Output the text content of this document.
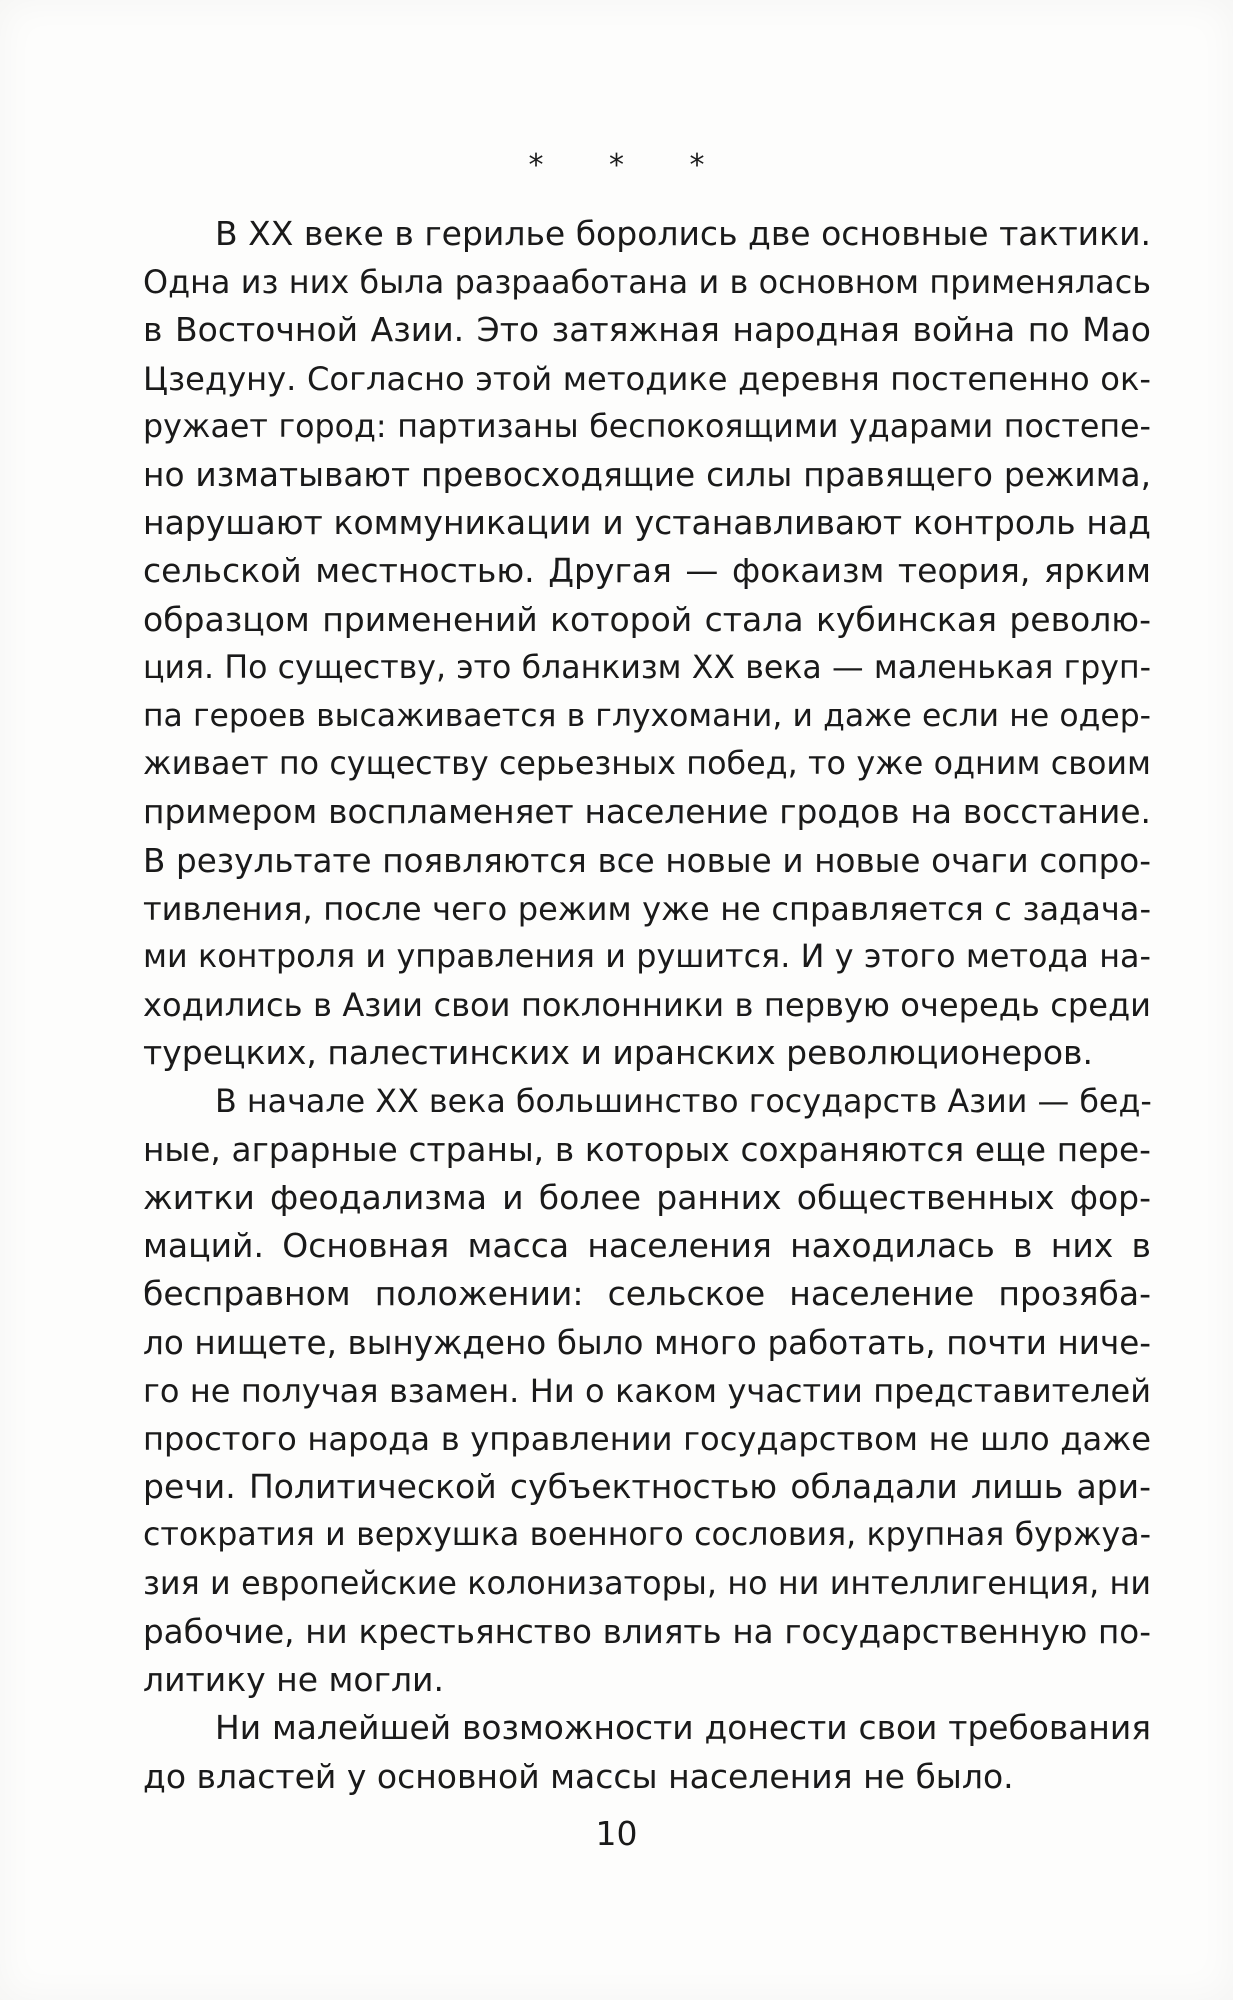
* * *
В XX веке в герилье боролись две основные тактики.
Одна из них была разрааботана и в основном применялась
в Восточной Азии. Это затяжная народная война по Мао
Цзедуну. Согласно этой методике деревня постепенно ок-
ружает город: партизаны беспокоящими ударами постепе-
но изматывают превосходящие силы правящего режима,
нарушают коммуникации и устанавливают контроль над
сельской местностью. Другая — фокаизм теория, ярким
образцом применений которой стала кубинская револю-
ция. По существу, это бланкизм XX века — маленькая груп-
па героев высаживается в глухомани, и даже если не одер-
живает по существу серьезных побед, то уже одним своим
примером воспламеняет население гродов на восстание.
В результате появляются все новые и новые очаги сопро-
тивления, после чего режим уже не справляется с задача-
ми контроля и управления и рушится. И у этого метода на-
ходились в Азии свои поклонники в первую очередь среди
турецких, палестинских и иранских революционеров.
В начале XX века большинство государств Азии — бед-
ные, аграрные страны, в которых сохраняются еще пере-
житки феодализма и более ранних общественных фор-
маций. Основная масса населения находилась в них в
бесправном положении: сельское население прозяба-
ло нищете, вынуждено было много работать, почти ниче-
го не получая взамен. Ни о каком участии представителей
простого народа в управлении государством не шло даже
речи. Политической субъектностью обладали лишь ари-
стократия и верхушка военного сословия, крупная буржуа-
зия и европейские колонизаторы, но ни интеллигенция, ни
рабочие, ни крестьянство влиять на государственную по-
литику не могли.
Ни малейшей возможности донести свои требования
до властей у основной массы населения не было.
10
